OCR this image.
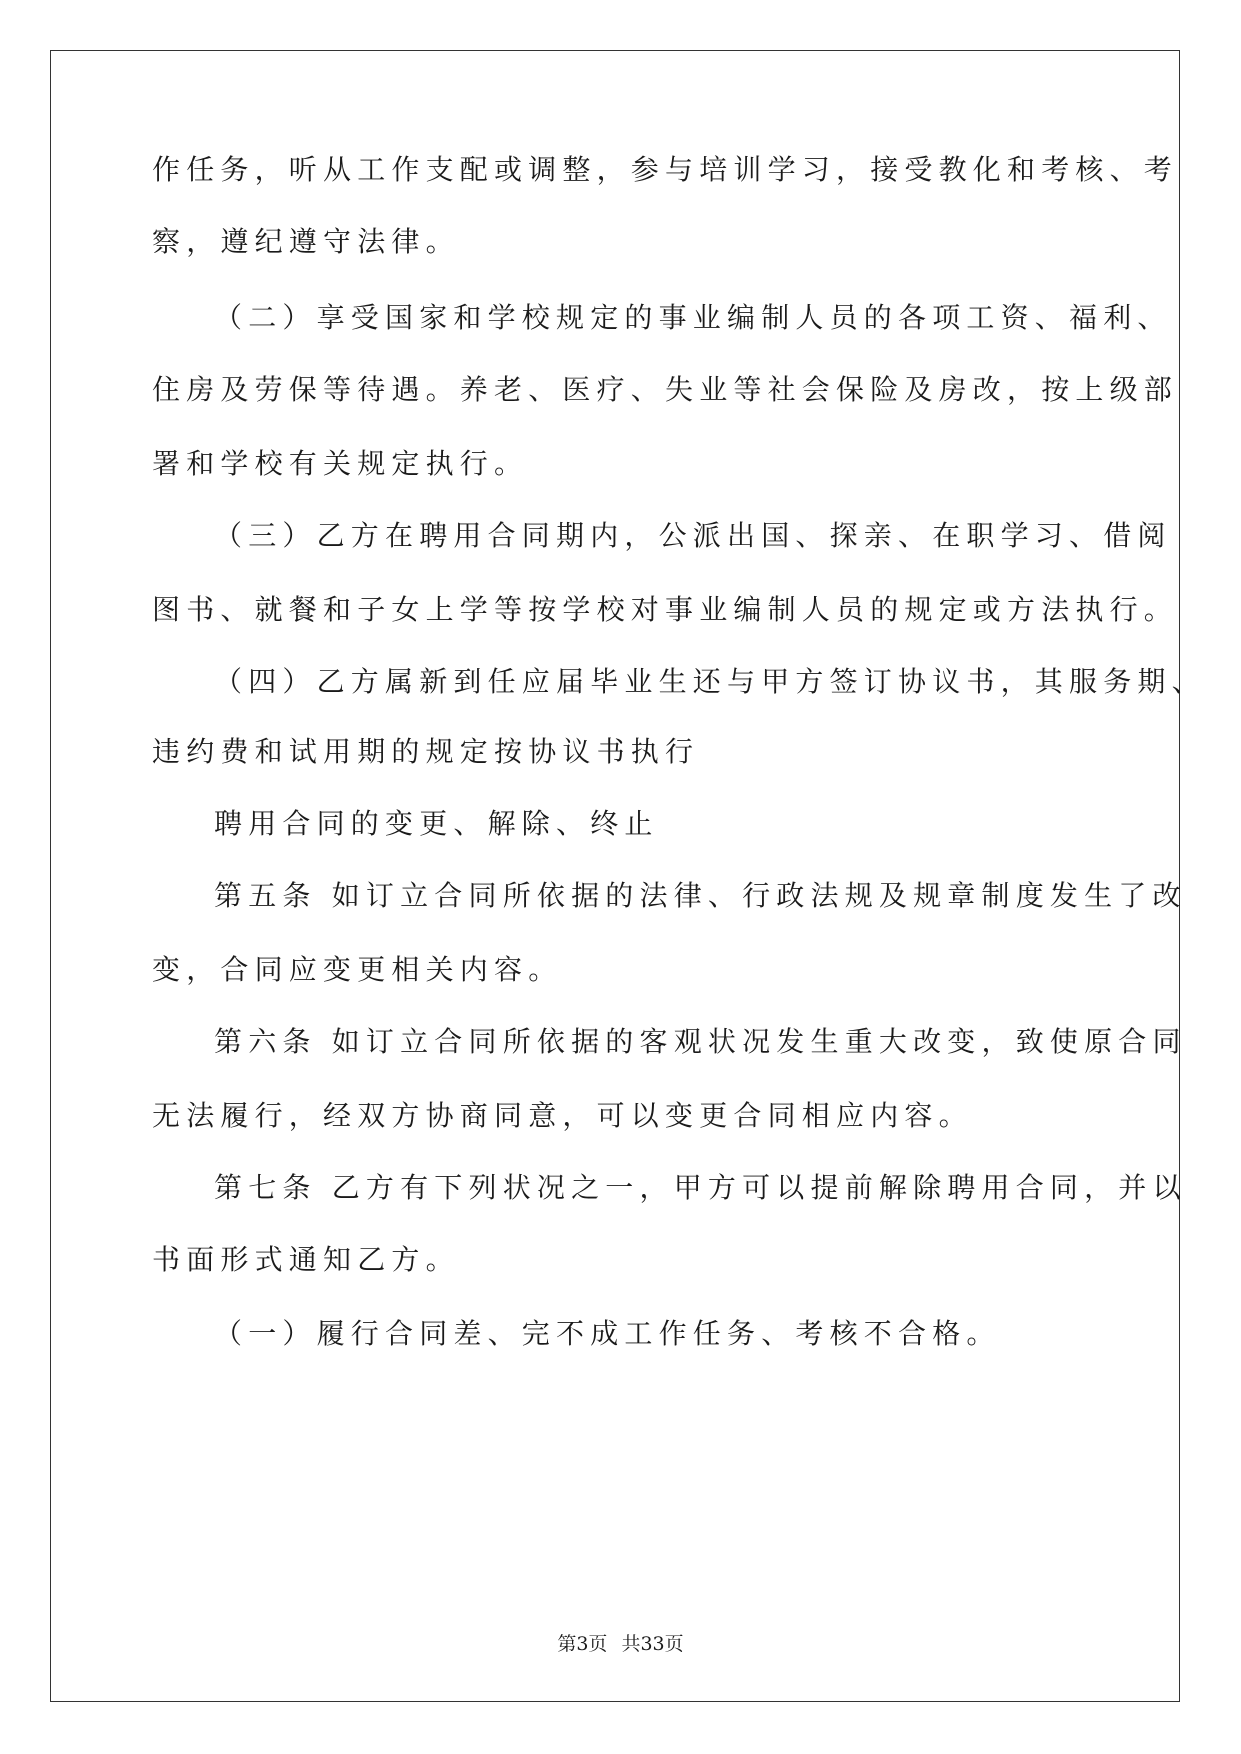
作任务，听从工作支配或调整，参与培训学习，接受教化和考核、考
察，遵纪遵守法律。
（二）享受国家和学校规定的事业编制人员的各项工资、福利、
住房及劳保等待遇。养老、医疗、失业等社会保险及房改，按上级部
署和学校有关规定执行。
（三）乙方在聘用合同期内，公派出国、探亲、在职学习、借阅
图书、就餐和子女上学等按学校对事业编制人员的规定或方法执行。
（四）乙方属新到任应届毕业生还与甲方签订协议书，其服务期、
违约费和试用期的规定按协议书执行
聘用合同的变更、解除、终止
第五条 如订立合同所依据的法律、行政法规及规章制度发生了改
变，合同应变更相关内容。
第六条 如订立合同所依据的客观状况发生重大改变，致使原合同
无法履行，经双方协商同意，可以变更合同相应内容。
第七条 乙方有下列状况之一，甲方可以提前解除聘用合同，并以
书面形式通知乙方。
（一）履行合同差、完不成工作任务、考核不合格。
第3页 共33页
